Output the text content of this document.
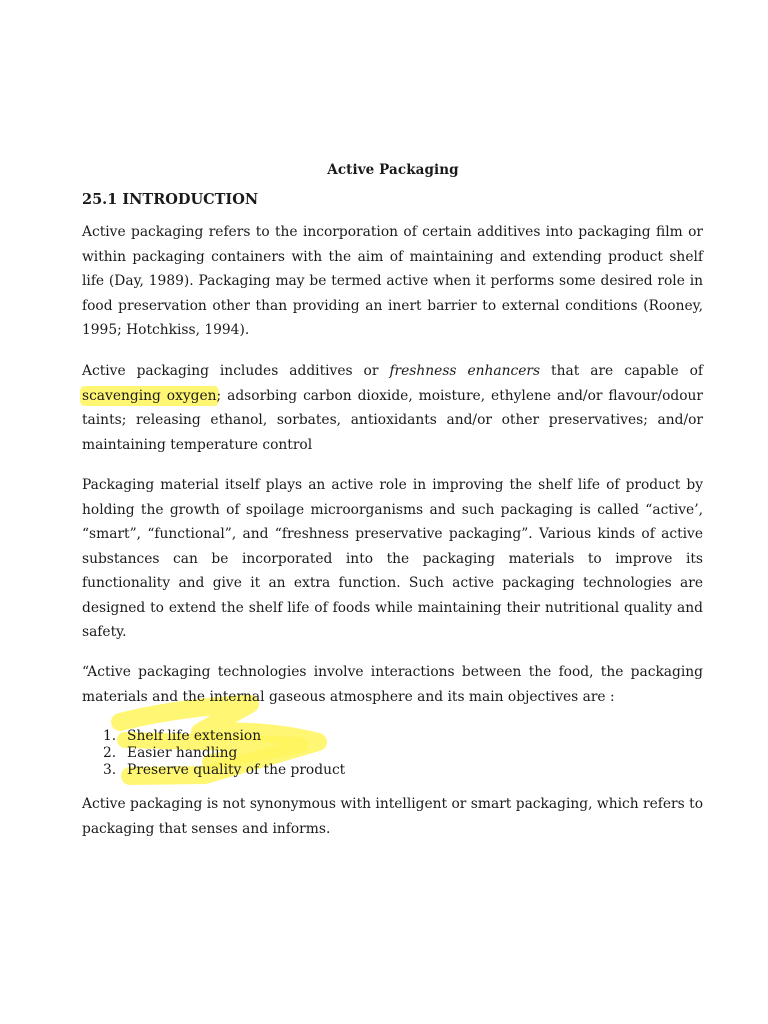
Active Packaging
25.1 INTRODUCTION

Active packaging refers to the incorporation of certain additives into packaging film or within packaging containers with the aim of maintaining and extending product shelf life (Day, 1989). Packaging may be termed active when it performs some desired role in food preservation other than providing an inert barrier to external conditions (Rooney, 1995; Hotchkiss, 1994).

Active packaging includes additives or freshness enhancers that are capable of scavenging oxygen; adsorbing carbon dioxide, moisture, ethylene and/or flavour/odour taints; releasing ethanol, sorbates, antioxidants and/or other preservatives; and/or maintaining temperature control

Packaging material itself plays an active role in improving the shelf life of product by holding the growth of spoilage microorganisms and such packaging is called “active’, “smart”, “functional”, and “freshness preservative packaging”. Various kinds of active substances can be incorporated into the packaging materials to improve its functionality and give it an extra function. Such active packaging technologies are designed to extend the shelf life of foods while maintaining their nutritional quality and safety.

“Active packaging technologies involve interactions between the food, the packaging materials and the internal gaseous atmosphere and its main objectives are :

1. Shelf life extension
2. Easier handling
3. Preserve quality of the product

Active packaging is not synonymous with intelligent or smart packaging, which refers to packaging that senses and informs.
